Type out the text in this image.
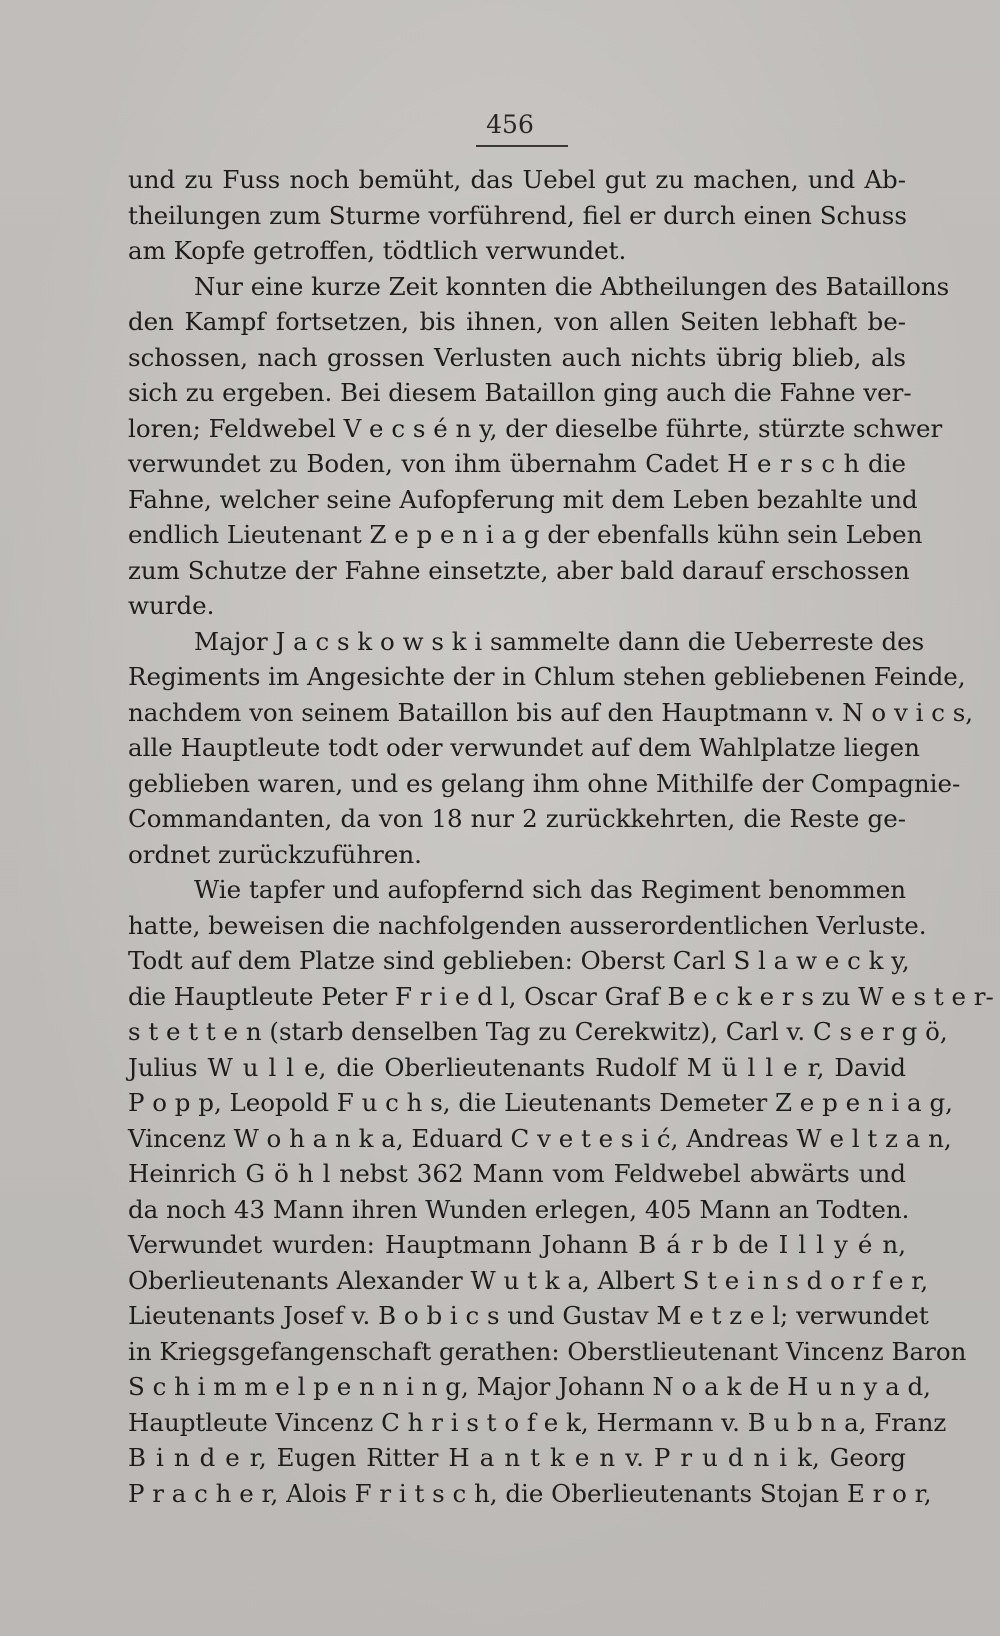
456
und zu Fuss noch bemüht, das Uebel gut zu machen, und Ab-
theilungen zum Sturme vorführend, fiel er durch einen Schuss
am Kopfe getroffen, tödtlich verwundet.
Nur eine kurze Zeit konnten die Abtheilungen des Bataillons
den Kampf fortsetzen, bis ihnen, von allen Seiten lebhaft be-
schossen, nach grossen Verlusten auch nichts übrig blieb, als
sich zu ergeben. Bei diesem Bataillon ging auch die Fahne ver-
loren; Feldwebel V e c s é n y, der dieselbe führte, stürzte schwer
verwundet zu Boden, von ihm übernahm Cadet H e r s c h die
Fahne, welcher seine Aufopferung mit dem Leben bezahlte und
endlich Lieutenant Z e p e n i a g der ebenfalls kühn sein Leben
zum Schutze der Fahne einsetzte, aber bald darauf erschossen
wurde.
Major J a c s k o w s k i sammelte dann die Ueberreste des
Regiments im Angesichte der in Chlum stehen gebliebenen Feinde,
nachdem von seinem Bataillon bis auf den Hauptmann v. N o v i c s,
alle Hauptleute todt oder verwundet auf dem Wahlplatze liegen
geblieben waren, und es gelang ihm ohne Mithilfe der Compagnie-
Commandanten, da von 18 nur 2 zurückkehrten, die Reste ge-
ordnet zurückzuführen.
Wie tapfer und aufopfernd sich das Regiment benommen
hatte, beweisen die nachfolgenden ausserordentlichen Verluste.
Todt auf dem Platze sind geblieben: Oberst Carl S l a w e c k y,
die Hauptleute Peter F r i e d l, Oscar Graf B e c k e r s zu W e s t e r-
s t e t t e n (starb denselben Tag zu Cerekwitz), Carl v. C s e r g ö,
Julius W u l l e, die Oberlieutenants Rudolf M ü l l e r, David
P o p p, Leopold F u c h s, die Lieutenants Demeter Z e p e n i a g,
Vincenz W o h a n k a, Eduard C v e t e s i ć, Andreas W e l t z a n,
Heinrich G ö h l nebst 362 Mann vom Feldwebel abwärts und
da noch 43 Mann ihren Wunden erlegen, 405 Mann an Todten.
Verwundet wurden: Hauptmann Johann B á r b de I l l y é n,
Oberlieutenants Alexander W u t k a, Albert S t e i n s d o r f e r,
Lieutenants Josef v. B o b i c s und Gustav M e t z e l; verwundet
in Kriegsgefangenschaft gerathen: Oberstlieutenant Vincenz Baron
S c h i m m e l p e n n i n g, Major Johann N o a k de H u n y a d,
Hauptleute Vincenz C h r i s t o f e k, Hermann v. B u b n a, Franz
B i n d e r, Eugen Ritter H a n t k e n v. P r u d n i k, Georg
P r a c h e r, Alois F r i t s c h, die Oberlieutenants Stojan E r o r,
